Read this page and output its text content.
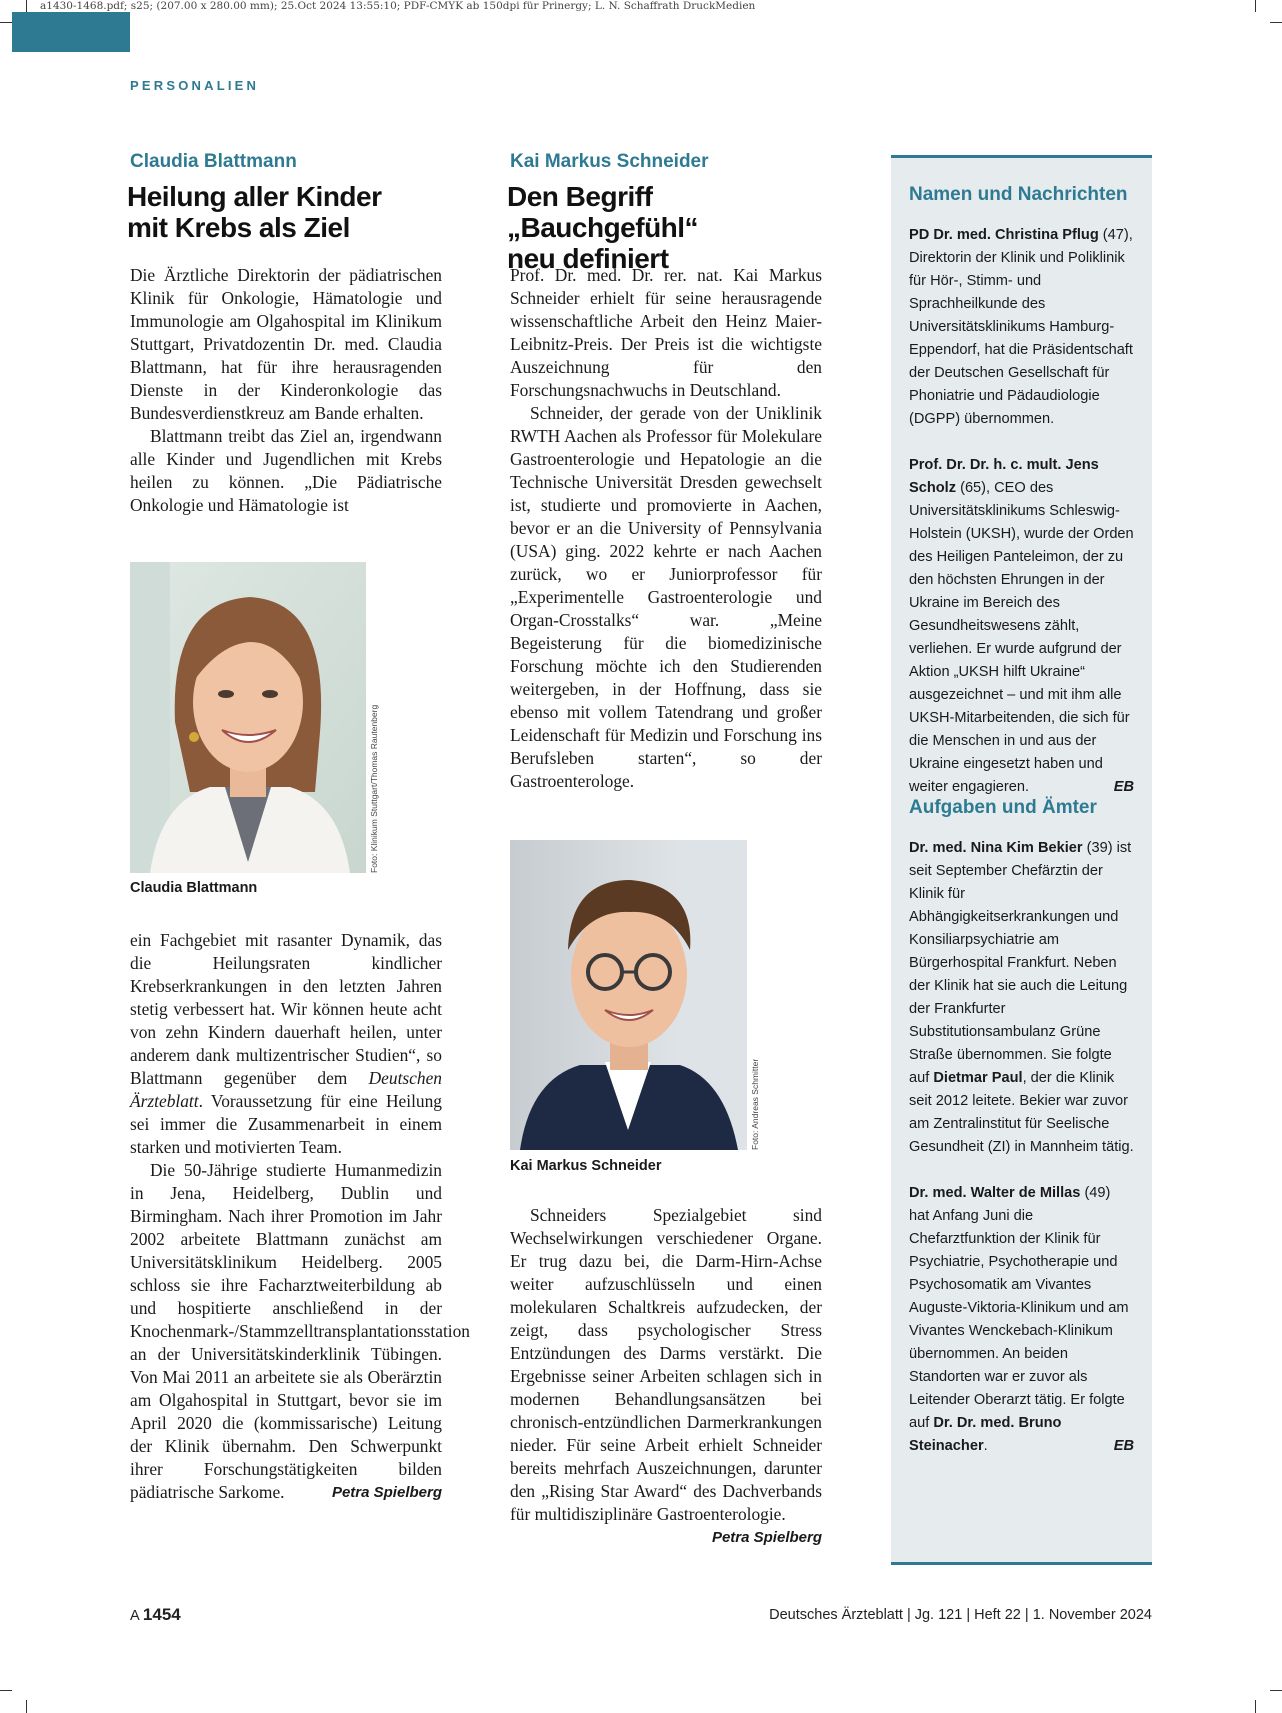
a1430-1468.pdf; s25; (207.00 x 280.00 mm); 25.Oct 2024 13:55:10; PDF-CMYK ab 150dpi für Prinergy; L. N. Schaffrath DruckMedien
PERSONALIEN
Claudia Blattmann
Heilung aller Kinder
mit Krebs als Ziel

Die Ärztliche Direktorin der pädiatrischen Klinik für Onkologie, Hämatologie und Immunologie am Olgahospital im Klinikum Stuttgart, Privatdozentin Dr. med. Claudia Blattmann, hat für ihre herausragenden Dienste in der Kinderonkologie das Bundesverdienstkreuz am Bande erhalten.

Blattmann treibt das Ziel an, irgendwann alle Kinder und Jugendlichen mit Krebs heilen zu können. „Die Pädiatrische Onkologie und Hämatologie ist

Foto: Klinikum Stuttgart/Thomas Rautenberg
Claudia Blattmann

ein Fachgebiet mit rasanter Dynamik, das die Heilungsraten kindlicher Krebserkrankungen in den letzten Jahren stetig verbessert hat. Wir können heute acht von zehn Kindern dauerhaft heilen, unter anderem dank multizentrischer Studien“, so Blattmann gegenüber dem Deutschen Ärzteblatt. Voraussetzung für eine Heilung sei immer die Zusammenarbeit in einem starken und motivierten Team.

Die 50-Jährige studierte Humanmedizin in Jena, Heidelberg, Dublin und Birmingham. Nach ihrer Promotion im Jahr 2002 arbeitete Blattmann zunächst am Universitätsklinikum Heidelberg. 2005 schloss sie ihre Facharztweiterbildung ab und hospitierte anschließend in der Knochenmark-/Stammzelltransplantationsstation an der Universitätskinderklinik Tübingen. Von Mai 2011 an arbeitete sie als Oberärztin am Olgahospital in Stuttgart, bevor sie im April 2020 die (kommissarische) Leitung der Klinik übernahm. Den Schwerpunkt ihrer Forschungstätigkeiten bilden pädiatrische Sarkome.	Petra Spielberg

Kai Markus Schneider
Den Begriff „Bauchgefühl“
neu definiert

Prof. Dr. med. Dr. rer. nat. Kai Markus Schneider erhielt für seine herausragende wissenschaftliche Arbeit den Heinz Maier-Leibnitz-Preis. Der Preis ist die wichtigste Auszeichnung für den Forschungsnachwuchs in Deutschland.

Schneider, der gerade von der Uniklinik RWTH Aachen als Professor für Molekulare Gastroenterologie und Hepatologie an die Technische Universität Dresden gewechselt ist, studierte und promovierte in Aachen, bevor er an die University of Pennsylvania (USA) ging. 2022 kehrte er nach Aachen zurück, wo er Juniorprofessor für „Experimentelle Gastroenterologie und Organ-Crosstalks“ war. „Meine Begeisterung für die biomedizinische Forschung möchte ich den Studierenden weitergeben, in der Hoffnung, dass sie ebenso mit vollem Tatendrang und großer Leidenschaft für Medizin und Forschung ins Berufsleben starten“, so der Gastroenterologe.

Foto: Andreas Schmitter
Kai Markus Schneider

Schneiders Spezialgebiet sind Wechselwirkungen verschiedener Organe. Er trug dazu bei, die Darm-Hirn-Achse weiter aufzuschlüsseln und einen molekularen Schaltkreis aufzudecken, der zeigt, dass psychologischer Stress Entzündungen des Darms verstärkt. Die Ergebnisse seiner Arbeiten schlagen sich in modernen Behandlungsansätzen bei chronisch-entzündlichen Darmerkrankungen nieder. Für seine Arbeit erhielt Schneider bereits mehrfach Auszeichnungen, darunter den „Rising Star Award“ des Dachverbands für multidisziplinäre Gastroenterologie.
Petra Spielberg

Namen und Nachrichten

PD Dr. med. Christina Pflug (47), Direktorin der Klinik und Poliklinik für Hör-, Stimm- und Sprachheilkunde des Universitätsklinikums Hamburg-Eppendorf, hat die Präsidentschaft der Deutschen Gesellschaft für Phoniatrie und Pädaudiologie (DGPP) übernommen.

Prof. Dr. Dr. h. c. mult. Jens Scholz (65), CEO des Universitätsklinikums Schleswig-Holstein (UKSH), wurde der Orden des Heiligen Panteleimon, der zu den höchsten Ehrungen in der Ukraine im Bereich des Gesundheitswesens zählt, verliehen. Er wurde aufgrund der Aktion „UKSH hilft Ukraine“ ausgezeichnet – und mit ihm alle UKSH-Mitarbeitenden, die sich für die Menschen in und aus der Ukraine eingesetzt haben und weiter engagieren.	EB

Aufgaben und Ämter

Dr. med. Nina Kim Bekier (39) ist seit September Chefärztin der Klinik für Abhängigkeitserkrankungen und Konsiliarpsychiatrie am Bürgerhospital Frankfurt. Neben der Klinik hat sie auch die Leitung der Frankfurter Substitutionsambulanz Grüne Straße übernommen. Sie folgte auf Dietmar Paul, der die Klinik seit 2012 leitete. Bekier war zuvor am Zentralinstitut für Seelische Gesundheit (ZI) in Mannheim tätig.

Dr. med. Walter de Millas (49) hat Anfang Juni die Chefarztfunktion der Klinik für Psychiatrie, Psychotherapie und Psychosomatik am Vivantes Auguste-Viktoria-Klinikum und am Vivantes Wenckebach-Klinikum übernommen. An beiden Standorten war er zuvor als Leitender Oberarzt tätig. Er folgte auf Dr. Dr. med. Bruno Steinacher.	EB

A 1454	Deutsches Ärzteblatt | Jg. 121 | Heft 22 | 1. November 2024
